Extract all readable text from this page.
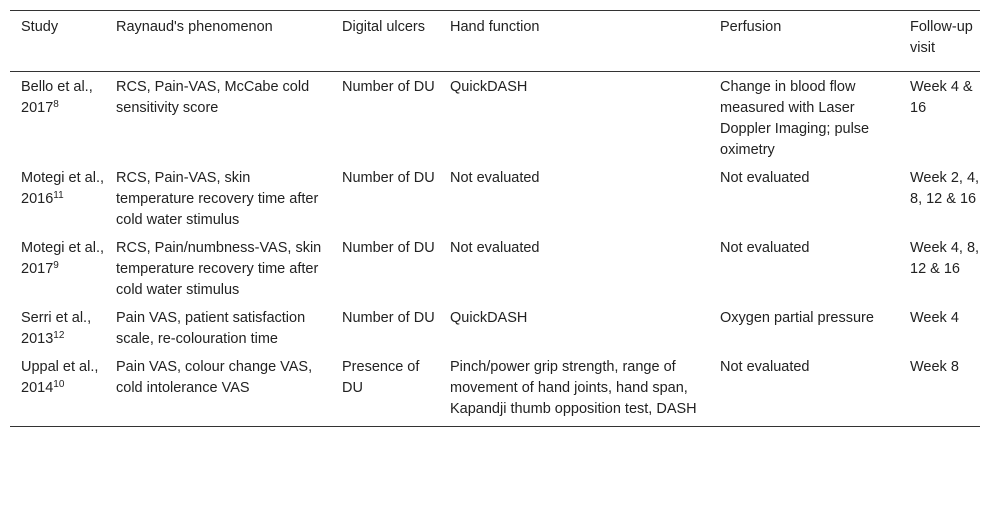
Study	Raynaud's phenomenon	Digital ulcers	Hand function	Perfusion	Follow-up visit
Bello et al., 2017$^8$	RCS, Pain-VAS, McCabe cold sensitivity score	Number of DU	QuickDASH	Change in blood flow measured with Laser Doppler Imaging; pulse oximetry	Week 4 & 16
Motegi et al., 2016$^{11}$	RCS, Pain-VAS, skin temperature recovery time after cold water stimulus	Number of DU	Not evaluated	Not evaluated	Week 2, 4, 8, 12 & 16
Motegi et al., 2017$^9$	RCS, Pain/numbness-VAS, skin temperature recovery time after cold water stimulus	Number of DU	Not evaluated	Not evaluated	Week 4, 8, 12 & 16
Serri et al., 2013$^{12}$	Pain VAS, patient satisfaction scale, re-colouration time	Number of DU	QuickDASH	Oxygen partial pressure	Week 4
Uppal et al., 2014$^{10}$	Pain VAS, colour change VAS, cold intolerance VAS	Presence of DU	Pinch/power grip strength, range of movement of hand joints, hand span, Kapandji thumb opposition test, DASH	Not evaluated	Week 8
